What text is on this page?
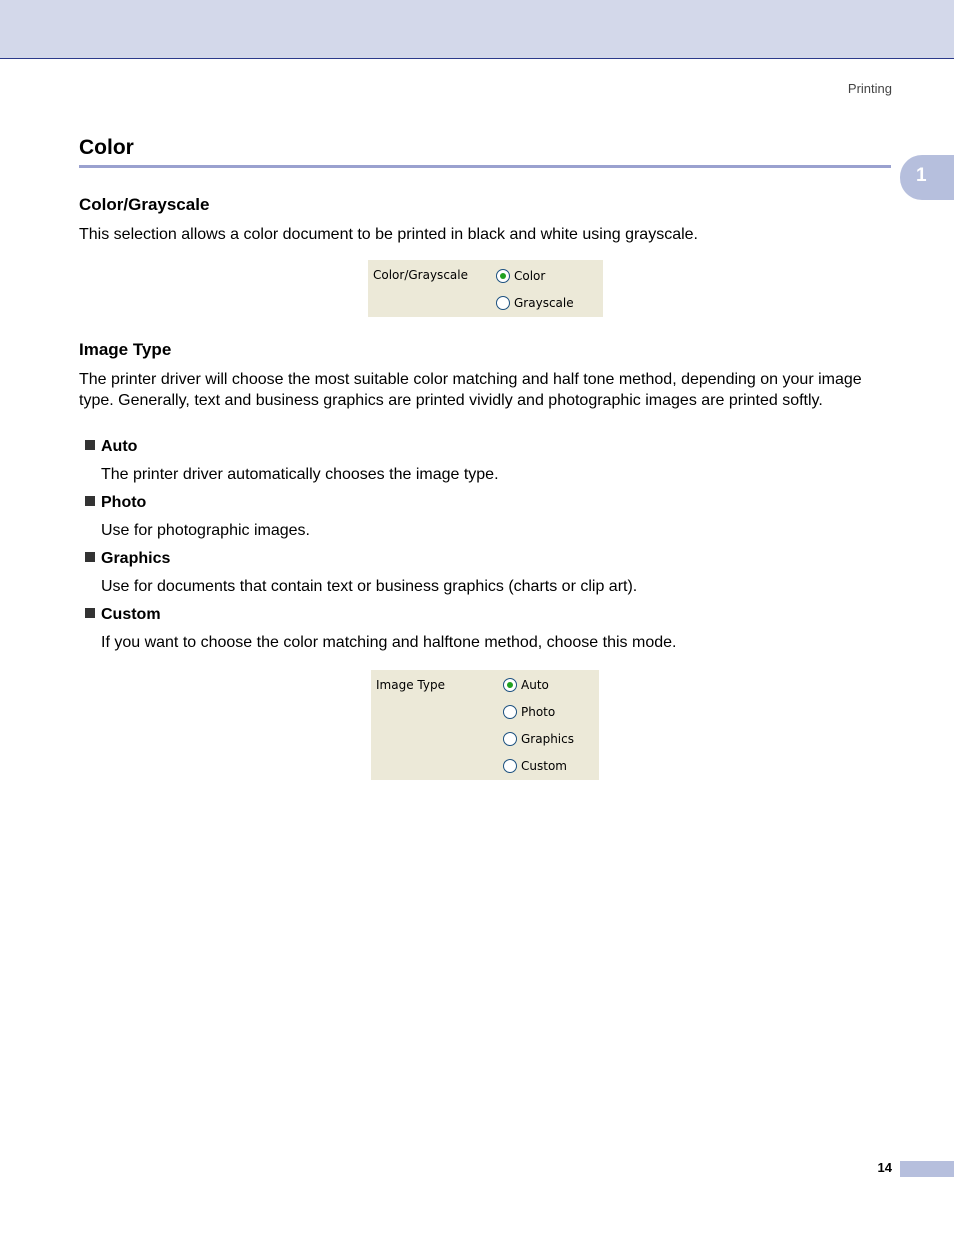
Printing
1
Color
Color/Grayscale

This selection allows a color document to be printed in black and white using grayscale.

Color/Grayscale	Color
Grayscale
Image Type

The printer driver will choose the most suitable color matching and half tone method, depending on your image type. Generally, text and business graphics are printed vividly and photographic images are printed softly.

Auto
The printer driver automatically chooses the image type.
Photo
Use for photographic images.
Graphics
Use for documents that contain text or business graphics (charts or clip art).
Custom
If you want to choose the color matching and halftone method, choose this mode.
Image Type	Auto
Photo
Graphics
Custom
14
